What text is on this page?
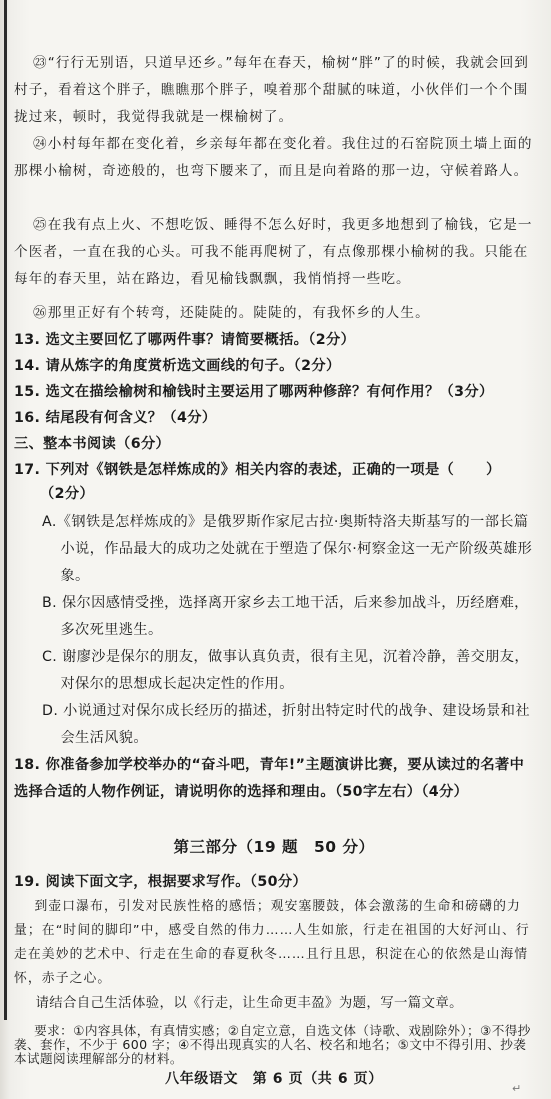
㉓“行行无别语，只道早还乡。”每年在春天，榆树“胖”了的时候，我就会回到村子，看着这个胖子，瞧瞧那个胖子，嗅着那个甜腻的味道，小伙伴们一个个围拢过来，顿时，我觉得我就是一棵榆树了。

㉔小村每年都在变化着，乡亲每年都在变化着。我住过的石窑院顶土墙上面的那棵小榆树，奇迹般的，也弯下腰来了，而且是向着路的那一边，守候着路人。

㉕在我有点上火、不想吃饭、睡得不怎么好时，我更多地想到了榆钱，它是一个医者，一直在我的心头。可我不能再爬树了，有点像那棵小榆树的我。只能在每年的春天里，站在路边，看见榆钱飘飘，我悄悄捋一些吃。

㉖那里正好有个转弯，还陡陡的。陡陡的，有我怀乡的人生。

13. 选文主要回忆了哪两件事？请简要概括。（2分）

14. 请从炼字的角度赏析选文画线的句子。（2分）

15. 选文在描绘榆树和榆钱时主要运用了哪两种修辞？有何作用？（3分）

16. 结尾段有何含义？（4分）

三、整本书阅读（6分）

17. 下列对《钢铁是怎样炼成的》相关内容的表述，正确的一项是（      ）

（2分）

A.《钢铁是怎样炼成的》是俄罗斯作家尼古拉·奥斯特洛夫斯基写的一部长篇小说，作品最大的成功之处就在于塑造了保尔·柯察金这一无产阶级英雄形象。

B. 保尔因感情受挫，选择离开家乡去工地干活，后来参加战斗，历经磨难，多次死里逃生。

C. 谢廖沙是保尔的朋友，做事认真负责，很有主见，沉着冷静，善交朋友，对保尔的思想成长起决定性的作用。

D. 小说通过对保尔成长经历的描述，折射出特定时代的战争、建设场景和社会生活风貌。

18. 你准备参加学校举办的“奋斗吧，青年!”主题演讲比赛，要从读过的名著中选择合适的人物作例证，请说明你的选择和理由。（50字左右）（4分）

第三部分（19 题　50 分）

19. 阅读下面文字，根据要求写作。（50分）

到壶口瀑布，引发对民族性格的感悟；观安塞腰鼓，体会激荡的生命和磅礴的力量；在“时间的脚印”中，感受自然的伟力……人生如旅，行走在祖国的大好河山、行走在美妙的艺术中、行走在生命的春夏秋冬……且行且思，积淀在心的依然是山海情怀，赤子之心。

请结合自己生活体验，以《行走，让生命更丰盈》为题，写一篇文章。

要求：①内容具体，有真情实感；②自定立意，自选文体（诗歌、戏剧除外）；③不得抄袭、套作，不少于 600 字；④不得出现真实的人名、校名和地名；⑤文中不得引用、抄袭本试题阅读理解部分的材料。

八年级语文　第 6 页（共 6 页）

↵
